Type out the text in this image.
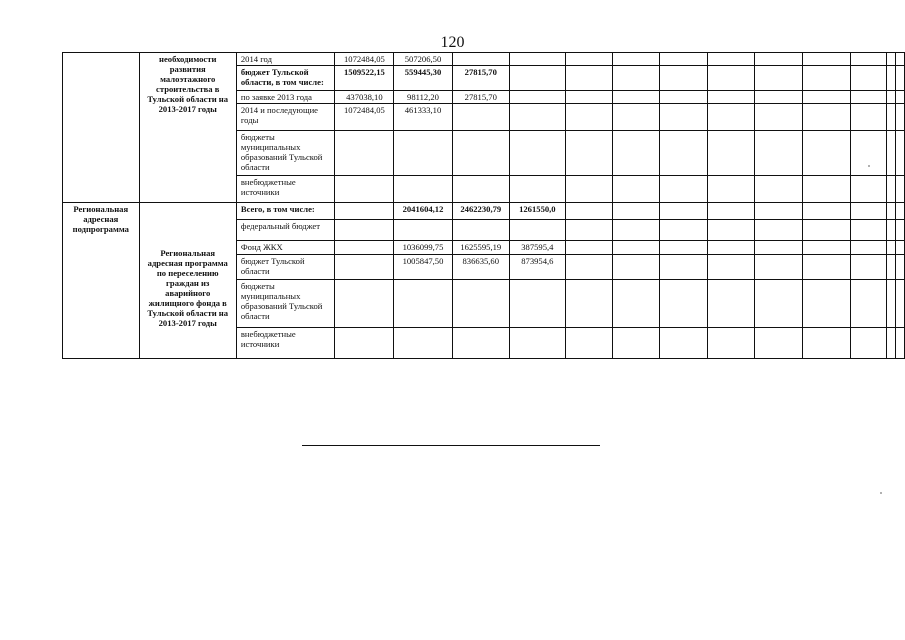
120
	необходимости развития малоэтажного строительства в Тульской области на 2013-2017 годы	2014 год	1072484,05	507206,50											
		бюджет Тульской области, в том числе:	1509522,15	559445,30	27815,70										
		по заявке 2013 года	437038,10	98112,20	27815,70										
		2014 и последующие годы	1072484,05	461333,10											
		бюджеты муниципальных образований Тульской области													
		внебюджетные источники													
Региональная адресная подпрограмма	Региональная адресная программа по переселению граждан из аварийного жилищного фонда в Тульской области на 2013-2017 годы	Всего, в том числе:		2041604,12	2462230,79	1261550,0									
		федеральный бюджет													
		Фонд ЖКХ		1036099,75	1625595,19	387595,4									
		бюджет Тульской области		1005847,50	836635,60	873954,6									
		бюджеты муниципальных образований Тульской области													
		внебюджетные источники													
